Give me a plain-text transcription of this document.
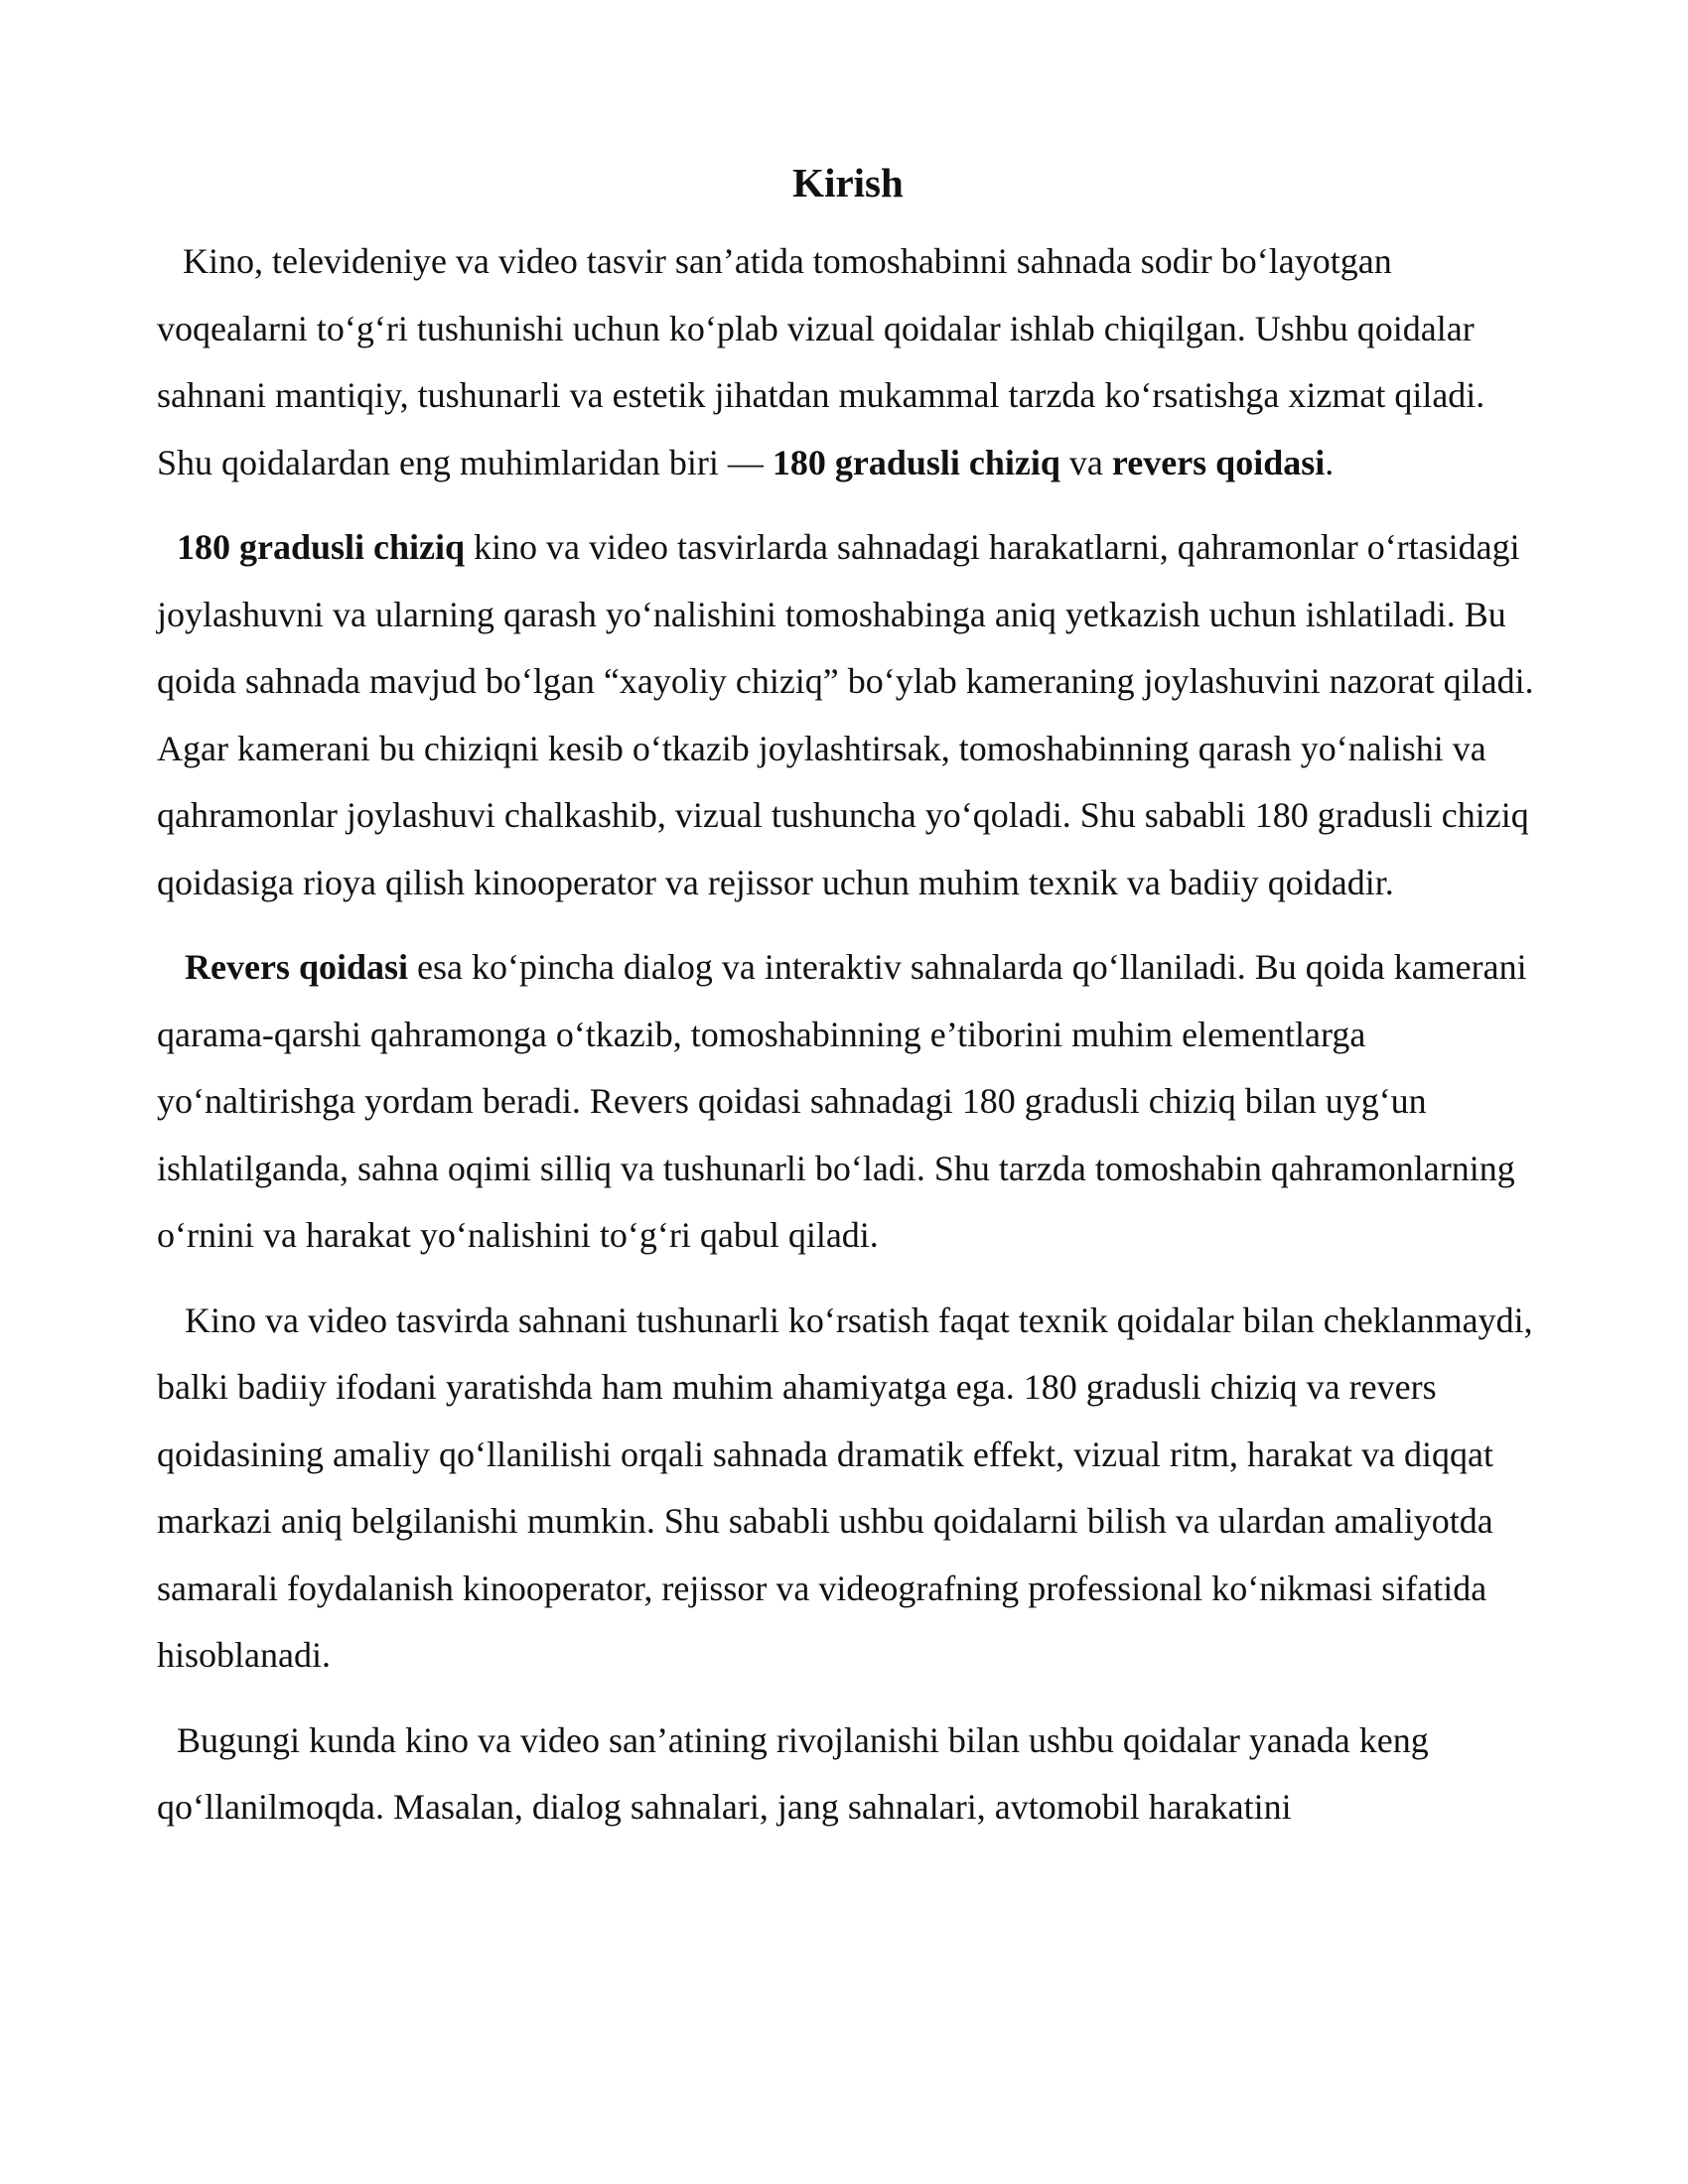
Kirish

Kino, televideniye va video tasvir san’atida tomoshabinni sahnada sodir bo‘layotgan voqealarni to‘g‘ri tushunishi uchun ko‘plab vizual qoidalar ishlab chiqilgan. Ushbu qoidalar sahnani mantiqiy, tushunarli va estetik jihatdan mukammal tarzda ko‘rsatishga xizmat qiladi. Shu qoidalardan eng muhimlaridan biri — 180 gradusli chiziq va revers qoidasi.

180 gradusli chiziq kino va video tasvirlarda sahnadagi harakatlarni, qahramonlar o‘rtasidagi joylashuvni va ularning qarash yo‘nalishini tomoshabinga aniq yetkazish uchun ishlatiladi. Bu qoida sahnada mavjud bo‘lgan “xayoliy chiziq” bo‘ylab kameraning joylashuvini nazorat qiladi. Agar kamerani bu chiziqni kesib o‘tkazib joylashtirsak, tomoshabinning qarash yo‘nalishi va qahramonlar joylashuvi chalkashib, vizual tushuncha yo‘qoladi. Shu sababli 180 gradusli chiziq qoidasiga rioya qilish kinooperator va rejissor uchun muhim texnik va badiiy qoidadir.

Revers qoidasi esa ko‘pincha dialog va interaktiv sahnalarda qo‘llaniladi. Bu qoida kamerani qarama-qarshi qahramonga o‘tkazib, tomoshabinning e’tiborini muhim elementlarga yo‘naltirishga yordam beradi. Revers qoidasi sahnadagi 180 gradusli chiziq bilan uyg‘un ishlatilganda, sahna oqimi silliq va tushunarli bo‘ladi. Shu tarzda tomoshabin qahramonlarning o‘rnini va harakat yo‘nalishini to‘g‘ri qabul qiladi.

Kino va video tasvirda sahnani tushunarli ko‘rsatish faqat texnik qoidalar bilan cheklanmaydi, balki badiiy ifodani yaratishda ham muhim ahamiyatga ega. 180 gradusli chiziq va revers qoidasining amaliy qo‘llanilishi orqali sahnada dramatik effekt, vizual ritm, harakat va diqqat markazi aniq belgilanishi mumkin. Shu sababli ushbu qoidalarni bilish va ulardan amaliyotda samarali foydalanish kinooperator, rejissor va videografning professional ko‘nikmasi sifatida hisoblanadi.

Bugungi kunda kino va video san’atining rivojlanishi bilan ushbu qoidalar yanada keng qo‘llanilmoqda. Masalan, dialog sahnalari, jang sahnalari, avtomobil harakatini
